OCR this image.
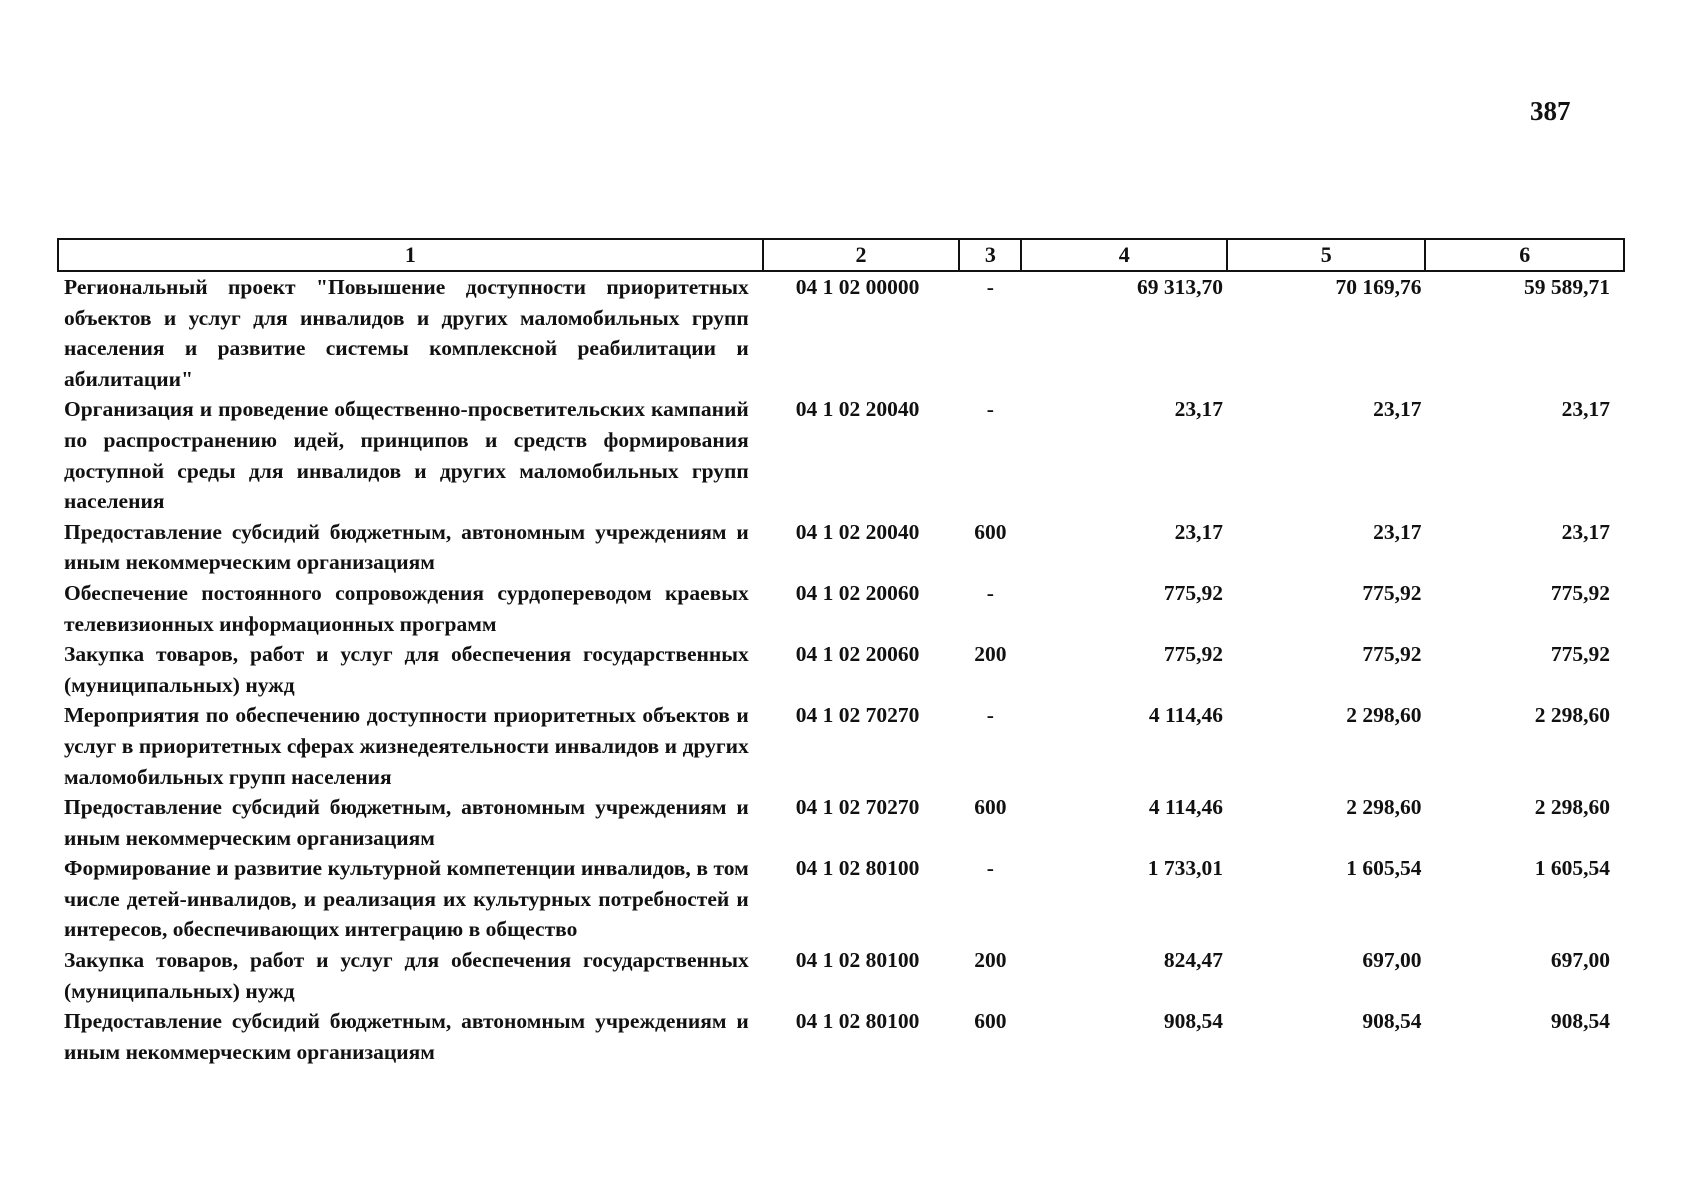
387
1	2	3	4	5	6
Региональный проект "Повышение доступности приоритетных объектов и услуг для инвалидов и других маломобильных групп населения и развитие системы комплексной реабилитации и абилитации"	04 1 02 00000	-	69 313,70	70 169,76	59 589,71
Организация и проведение общественно-просветительских кампаний по распространению идей, принципов и средств формирования доступной среды для инвалидов и других маломобильных групп населения	04 1 02 20040	-	23,17	23,17	23,17
Предоставление субсидий бюджетным, автономным учреждениям и иным некоммерческим организациям	04 1 02 20040	600	23,17	23,17	23,17
Обеспечение постоянного сопровождения сурдопереводом краевых телевизионных информационных программ	04 1 02 20060	-	775,92	775,92	775,92
Закупка товаров, работ и услуг для обеспечения государственных (муниципальных) нужд	04 1 02 20060	200	775,92	775,92	775,92
Мероприятия по обеспечению доступности приоритетных объектов и услуг в приоритетных сферах жизнедеятельности инвалидов и других маломобильных групп населения	04 1 02 70270	-	4 114,46	2 298,60	2 298,60
Предоставление субсидий бюджетным, автономным учреждениям и иным некоммерческим организациям	04 1 02 70270	600	4 114,46	2 298,60	2 298,60
Формирование и развитие культурной компетенции инвалидов, в том числе детей-инвалидов, и реализация их культурных потребностей и интересов, обеспечивающих интеграцию в общество	04 1 02 80100	-	1 733,01	1 605,54	1 605,54
Закупка товаров, работ и услуг для обеспечения государственных (муниципальных) нужд	04 1 02 80100	200	824,47	697,00	697,00
Предоставление субсидий бюджетным, автономным учреждениям и иным некоммерческим организациям	04 1 02 80100	600	908,54	908,54	908,54
